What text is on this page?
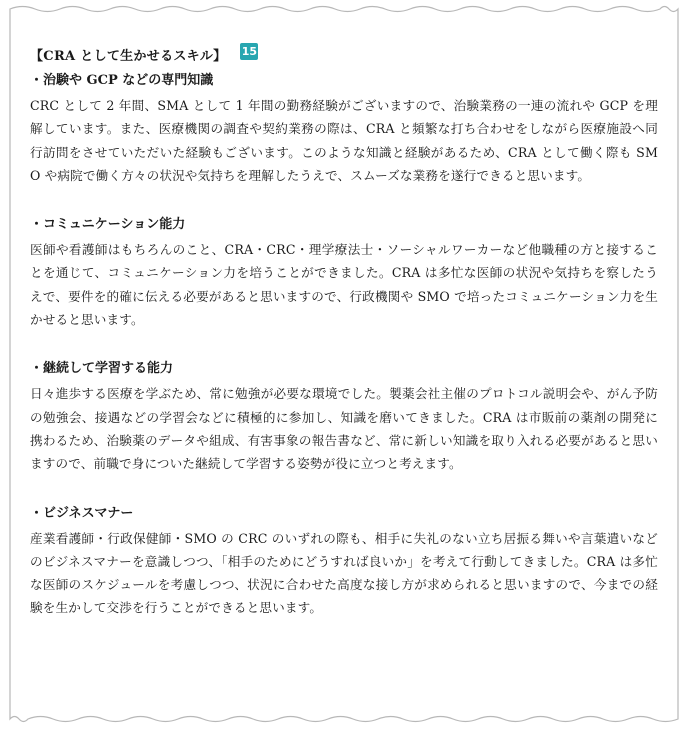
【CRA として生かせるスキル】 15
・治験や GCP などの専門知識
CRC として 2 年間、SMA として 1 年間の勤務経験がございますので、治験業務の一連の流れや GCP を理解しています。また、医療機関の調査や契約業務の際は、CRA と頻繁な打ち合わせをしながら医療施設へ同行訪問をさせていただいた経験もございます。このような知識と経験があるため、CRA として働く際も SMO や病院で働く方々の状況や気持ちを理解したうえで、スムーズな業務を遂行できると思います。
・コミュニケーション能力
医師や看護師はもちろんのこと、CRA・CRC・理学療法士・ソーシャルワーカーなど他職種の方と接することを通じて、コミュニケーション力を培うことができました。CRA は多忙な医師の状況や気持ちを察したうえで、要件を的確に伝える必要があると思いますので、行政機関や SMO で培ったコミュニケーション力を生かせると思います。
・継続して学習する能力
日々進歩する医療を学ぶため、常に勉強が必要な環境でした。製薬会社主催のプロトコル説明会や、がん予防の勉強会、接遇などの学習会などに積極的に参加し、知識を磨いてきました。CRA は市販前の薬剤の開発に携わるため、治験薬のデータや組成、有害事象の報告書など、常に新しい知識を取り入れる必要があると思いますので、前職で身についた継続して学習する姿勢が役に立つと考えます。
・ビジネスマナー
産業看護師・行政保健師・SMO の CRC のいずれの際も、相手に失礼のない立ち居振る舞いや言葉遣いなどのビジネスマナーを意識しつつ、「相手のためにどうすれば良いか」を考えて行動してきました。CRA は多忙な医師のスケジュールを考慮しつつ、状況に合わせた高度な接し方が求められると思いますので、今までの経験を生かして交渉を行うことができると思います。
